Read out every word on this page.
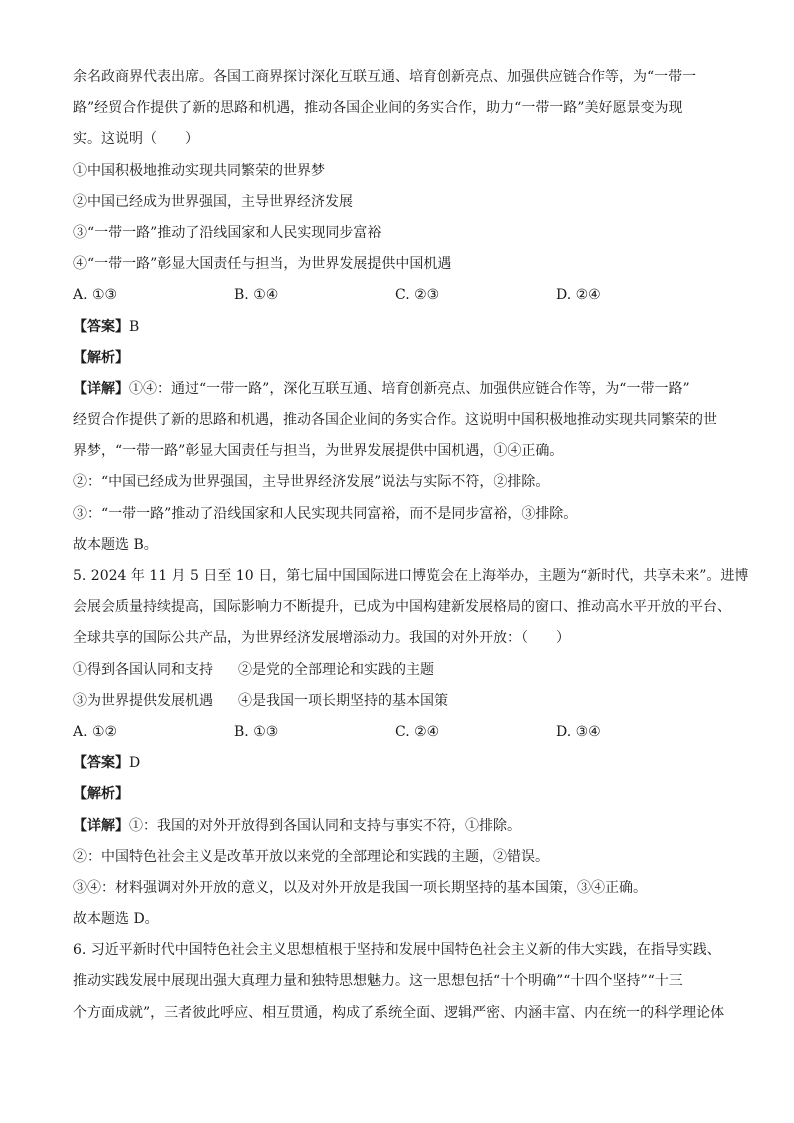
余名政商界代表出席。各国工商界探讨深化互联互通、培育创新亮点、加强供应链合作等，为“一带一
路”经贸合作提供了新的思路和机遇，推动各国企业间的务实合作，助力“一带一路”美好愿景变为现
实。这说明（　　）
①中国积极地推动实现共同繁荣的世界梦
②中国已经成为世界强国，主导世界经济发展
③“一带一路”推动了沿线国家和人民实现同步富裕
④“一带一路”彰显大国责任与担当，为世界发展提供中国机遇
A. ①③	B. ①④	C. ②③	D. ②④
【答案】B
【解析】
【详解】①④：通过“一带一路”，深化互联互通、培育创新亮点、加强供应链合作等，为“一带一路”
经贸合作提供了新的思路和机遇，推动各国企业间的务实合作。这说明中国积极地推动实现共同繁荣的世
界梦，“一带一路”彰显大国责任与担当，为世界发展提供中国机遇，①④正确。
②：“中国已经成为世界强国，主导世界经济发展”说法与实际不符，②排除。
③：“一带一路”推动了沿线国家和人民实现共同富裕，而不是同步富裕，③排除。
故本题选 B。
5. 2024 年 11 月 5 日至 10 日，第七届中国国际进口博览会在上海举办，主题为“新时代，共享未来”。进博
会展会质量持续提高，国际影响力不断提升，已成为中国构建新发展格局的窗口、推动高水平开放的平台、
全球共享的国际公共产品，为世界经济发展增添动力。我国的对外开放：（　　）
①得到各国认同和支持 ②是党的全部理论和实践的主题
③为世界提供发展机遇 ④是我国一项长期坚持的基本国策
A. ①②	B. ①③	C. ②④	D. ③④
【答案】D
【解析】
【详解】①：我国的对外开放得到各国认同和支持与事实不符，①排除。
②：中国特色社会主义是改革开放以来党的全部理论和实践的主题，②错误。
③④：材料强调对外开放的意义，以及对外开放是我国一项长期坚持的基本国策，③④正确。
故本题选 D。
6. 习近平新时代中国特色社会主义思想植根于坚持和发展中国特色社会主义新的伟大实践，在指导实践、
推动实践发展中展现出强大真理力量和独特思想魅力。这一思想包括“十个明确”“十四个坚持”“十三
个方面成就”，三者彼此呼应、相互贯通，构成了系统全面、逻辑严密、内涵丰富、内在统一的科学理论体
